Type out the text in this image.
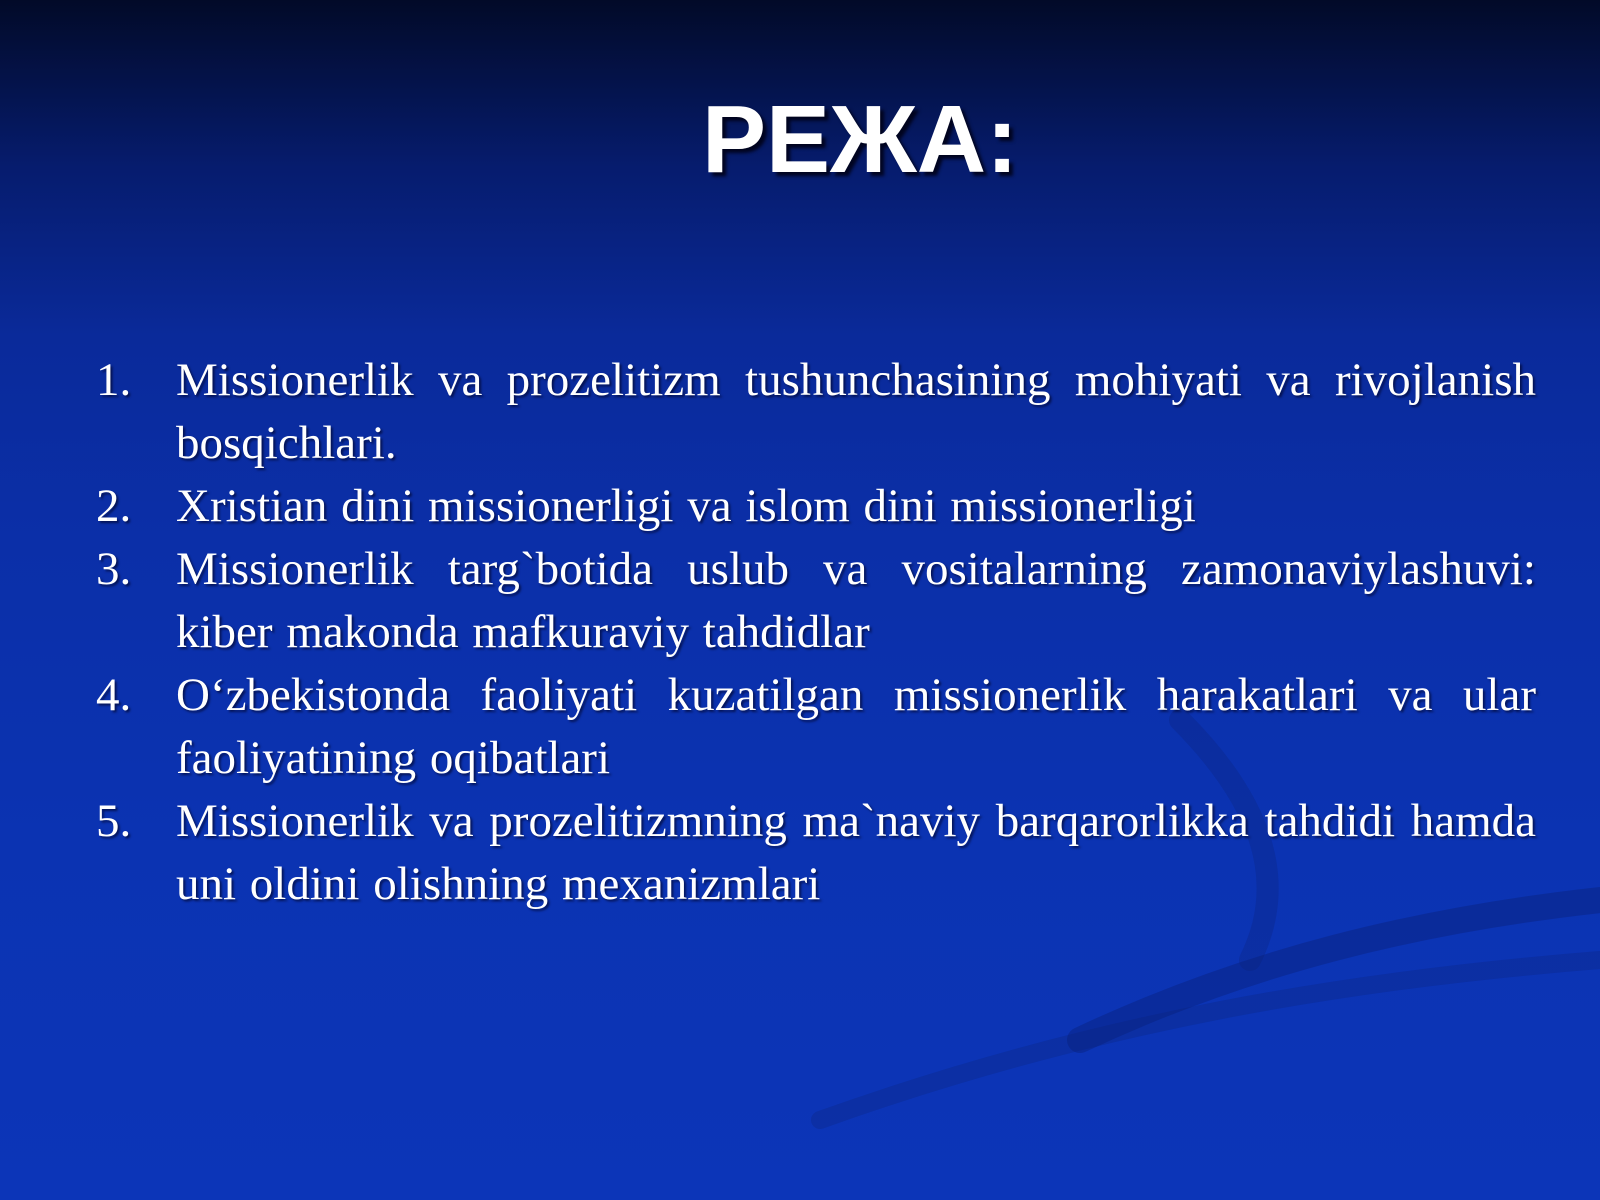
РЕЖА:
1. Missionerlik va prozelitizm tushunchasining mohiyati va rivojlanish bosqichlari.
2. Xristian dini missionerligi va islom dini missionerligi
3. Missionerlik targ`botida uslub va vositalarning zamonaviylashuvi: kiber makonda mafkuraviy tahdidlar
4. O‘zbekistonda faoliyati kuzatilgan missionerlik harakatlari va ular faoliyatining oqibatlari
5. Missionerlik va prozelitizmning ma`naviy barqarorlikka tahdidi hamda uni oldini olishning mexanizmlari
